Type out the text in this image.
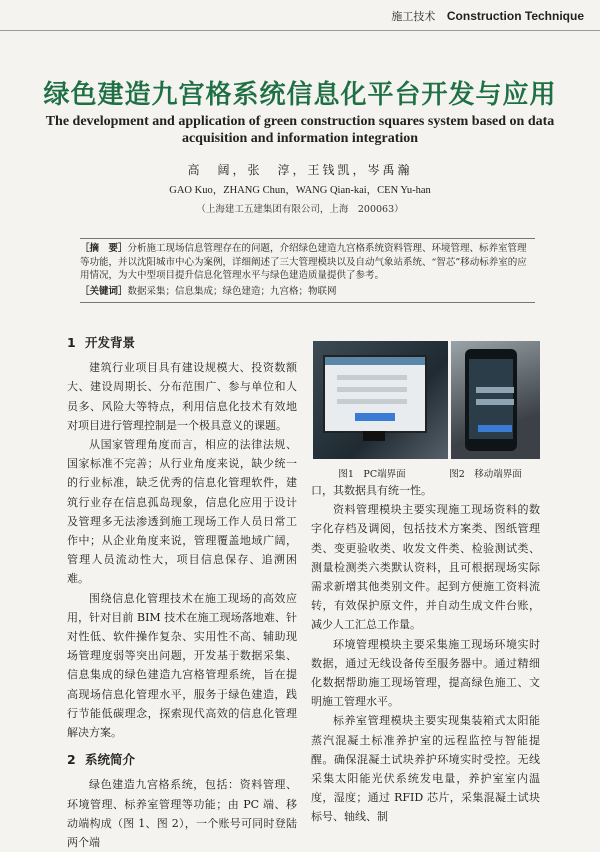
施工技术 Construction Technique
绿色建造九宫格系统信息化平台开发与应用
The development and application of green construction squares system based on data acquisition and information integration
高　阔，张　淳，王钱凯，岑禹瀚
GAO Kuo，ZHANG Chun，WANG Qian-kai，CEN Yu-han
（上海建工五建集团有限公司，上海　200063）
［摘　要］分析施工现场信息管理存在的问题，介绍绿色建造九宫格系统资料管理、环境管理、标养室管理等功能，并以沈阳城市中心为案例，详细阐述了三大管理模块以及自动气象站系统、“智芯”移动标养室的应用情况，为大中型项目提升信息化管理水平与绿色建造质量提供了参考。
［关键词］数据采集；信息集成；绿色建造；九宫格；物联网
1 开发背景

建筑行业项目具有建设规模大、投资数额大、建设周期长、分布范围广、参与单位和人员多、风险大等特点，利用信息化技术有效地对项目进行管理控制是一个极具意义的课题。

从国家管理角度而言，相应的法律法规、国家标准不完善；从行业角度来说，缺少统一的行业标准，缺乏优秀的信息化管理软件，建筑行业存在信息孤岛现象，信息化应用于设计及管理多无法渗透到施工现场工作人员日常工作中；从企业角度来说，管理覆盖地域广阔，管理人员流动性大，项目信息保存、追溯困难。

围绕信息化管理技术在施工现场的高效应用，针对目前 BIM 技术在施工现场落地难、针对性低、软件操作复杂、实用性不高、辅助现场管理度弱等突出问题，开发基于数据采集、信息集成的绿色建造九宫格管理系统，旨在提高现场信息化管理水平，服务于绿色建造，践行节能低碳理念，探索现代高效的信息化管理解决方案。

2 系统简介

绿色建造九宫格系统，包括：资料管理、环境管理、标养室管理等功能；由 PC 端、移动端构成（图 1、图 2），一个账号可同时登陆两个端

图1　PC端界面	图2　移动端界面

口，其数据具有统一性。

资料管理模块主要实现施工现场资料的数字化存档及调阅，包括技术方案类、图纸管理类、变更验收类、收发文件类、检验测试类、测量检测类六类默认资料，且可根据现场实际需求新增其他类别文件。起到方便施工资料流转，有效保护原文件，并自动生成文件台账，减少人工汇总工作量。

环境管理模块主要采集施工现场环境实时数据，通过无线设备传至服务器中。通过精细化数据帮助施工现场管理，提高绿色施工、文明施工管理水平。

标养室管理模块主要实现集装箱式太阳能蒸汽混凝土标准养护室的远程监控与智能提醒。确保混凝土试块养护环境实时受控。无线采集太阳能光伏系统发电量，养护室室内温度，湿度；通过 RFID 芯片，采集混凝土试块标号、轴线、制
